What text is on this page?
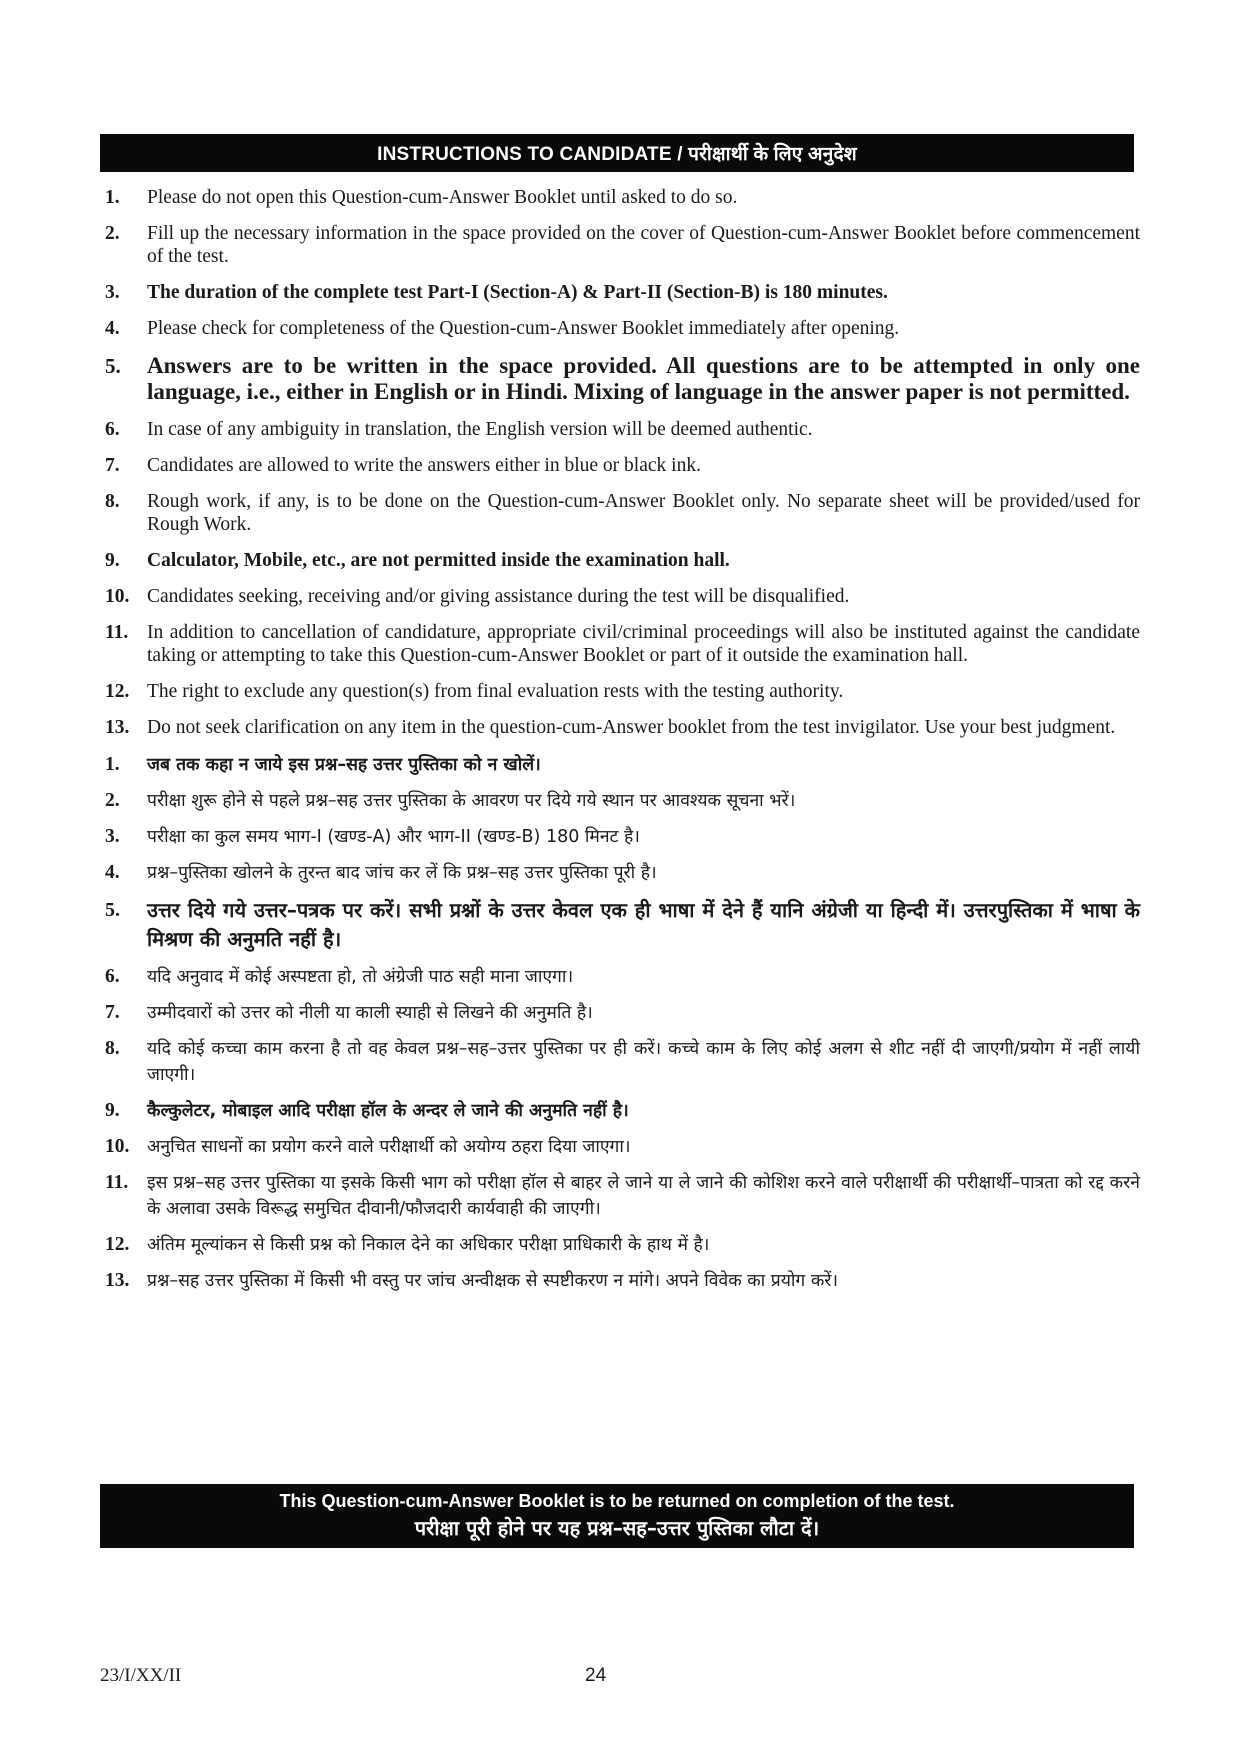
INSTRUCTIONS TO CANDIDATE / परीक्षार्थी के लिए अनुदेश
1.	Please do not open this Question-cum-Answer Booklet until asked to do so.
2.	Fill up the necessary information in the space provided on the cover of Question-cum-Answer Booklet before commencement of the test.
3.	The duration of the complete test Part-I (Section-A) & Part-II (Section-B) is 180 minutes.
4.	Please check for completeness of the Question-cum-Answer Booklet immediately after opening.
5.	Answers are to be written in the space provided. All questions are to be attempted in only one language, i.e., either in English or in Hindi. Mixing of language in the answer paper is not permitted.
6.	In case of any ambiguity in translation, the English version will be deemed authentic.
7.	Candidates are allowed to write the answers either in blue or black ink.
8.	Rough work, if any, is to be done on the Question-cum-Answer Booklet only. No separate sheet will be provided/used for Rough Work.
9.	Calculator, Mobile, etc., are not permitted inside the examination hall.
10. Candidates seeking, receiving and/or giving assistance during the test will be disqualified.
11. In addition to cancellation of candidature, appropriate civil/criminal proceedings will also be instituted against the candidate taking or attempting to take this Question-cum-Answer Booklet or part of it outside the examination hall.
12. The right to exclude any question(s) from final evaluation rests with the testing authority.
13. Do not seek clarification on any item in the question-cum-Answer booklet from the test invigilator. Use your best judgment.
1.	जब तक कहा न जाये इस प्रश्न–सह उत्तर पुस्तिका को न खोलें।
2.	परीक्षा शुरू होने से पहले प्रश्न–सह उत्तर पुस्तिका के आवरण पर दिये गये स्थान पर आवश्यक सूचना भरें।
3.	परीक्षा का कुल समय भाग-I (खण्ड-A) और भाग-II (खण्ड-B) 180 मिनट है।
4.	प्रश्न–पुस्तिका खोलने के तुरन्त बाद जांच कर लें कि प्रश्न–सह उत्तर पुस्तिका पूरी है।
5.	उत्तर दिये गये उत्तर–पत्रक पर करें। सभी प्रश्नों के उत्तर केवल एक ही भाषा में देने हैं यानि अंग्रेजी या हिन्दी में। उत्तरपुस्तिका में भाषा के मिश्रण की अनुमति नहीं है।
6.	यदि अनुवाद में कोई अस्पष्टता हो, तो अंग्रेजी पाठ सही माना जाएगा।
7.	उम्मीदवारों को उत्तर को नीली या काली स्याही से लिखने की अनुमति है।
8.	यदि कोई कच्चा काम करना है तो वह केवल प्रश्न–सह–उत्तर पुस्तिका पर ही करें। कच्चे काम के लिए कोई अलग से शीट नहीं दी जाएगी/प्रयोग में नहीं लायी जाएगी।
9.	कैल्कुलेटर, मोबाइल आदि परीक्षा हॉल के अन्दर ले जाने की अनुमति नहीं है।
10.	अनुचित साधनों का प्रयोग करने वाले परीक्षार्थी को अयोग्य ठहरा दिया जाएगा।
11.	इस प्रश्न–सह उत्तर पुस्तिका या इसके किसी भाग को परीक्षा हॉल से बाहर ले जाने या ले जाने की कोशिश करने वाले परीक्षार्थी की परीक्षार्थी–पात्रता को रद्द करने के अलावा उसके विरूद्ध समुचित दीवानी/फौजदारी कार्यवाही की जाएगी।
12.	अंतिम मूल्यांकन से किसी प्रश्न को निकाल देने का अधिकार परीक्षा प्राधिकारी के हाथ में है।
13.	प्रश्न–सह उत्तर पुस्तिका में किसी भी वस्तु पर जांच अन्वीक्षक से स्पष्टीकरण न मांगे। अपने विवेक का प्रयोग करें।
This Question-cum-Answer Booklet is to be returned on completion of the test.
परीक्षा पूरी होने पर यह प्रश्न–सह–उत्तर पुस्तिका लौटा दें।
23/I/XX/II	24
